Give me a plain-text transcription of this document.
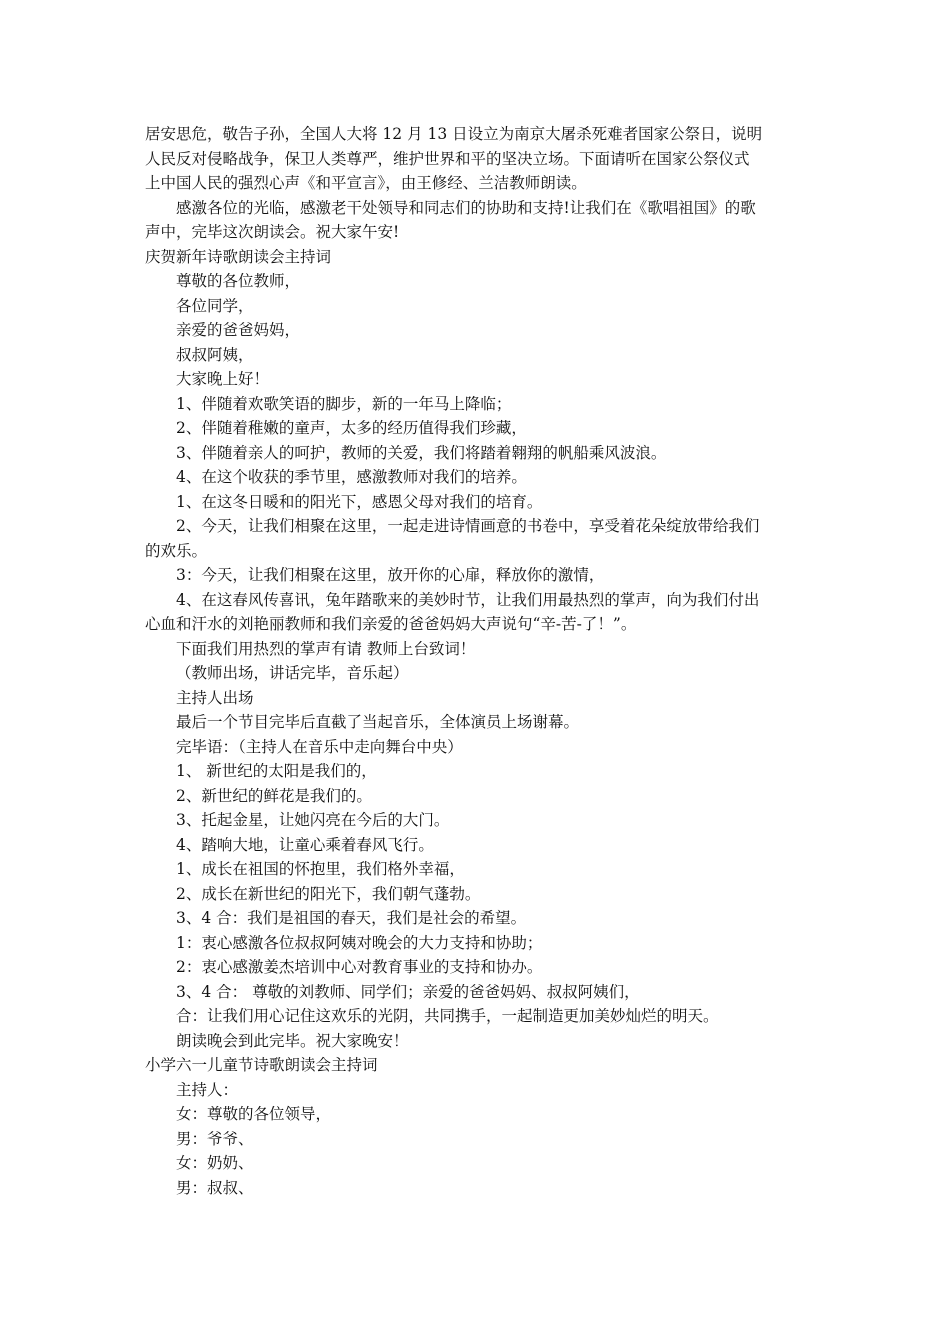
居安思危，敬告子孙，全国人大将 12 月 13 日设立为南京大屠杀死难者国家公祭日，说明

人民反对侵略战争，保卫人类尊严，维护世界和平的坚决立场。下面请听在国家公祭仪式

上中国人民的强烈心声《和平宣言》，由王修经、兰洁教师朗读。

感激各位的光临，感激老干处领导和同志们的协助和支持!让我们在《歌唱祖国》的歌

声中，完毕这次朗读会。祝大家午安!

庆贺新年诗歌朗读会主持词

尊敬的各位教师，

各位同学，

亲爱的爸爸妈妈，

叔叔阿姨，

大家晚上好！

1、伴随着欢歌笑语的脚步，新的一年马上降临；

2、伴随着稚嫩的童声，太多的经历值得我们珍藏，

3、伴随着亲人的呵护，教师的关爱，我们将踏着翱翔的帆船乘风波浪。

4、在这个收获的季节里，感激教师对我们的培养。

1、在这冬日暖和的阳光下，感恩父母对我们的培育。

2、今天，让我们相聚在这里，一起走进诗情画意的书卷中，享受着花朵绽放带给我们

的欢乐。

3：今天，让我们相聚在这里，放开你的心扉，释放你的激情，

4、在这春风传喜讯，兔年踏歌来的美妙时节，让我们用最热烈的掌声，向为我们付出

心血和汗水的刘艳丽教师和我们亲爱的爸爸妈妈大声说句“辛-苦-了！”。

下面我们用热烈的掌声有请 教师上台致词！

（教师出场，讲话完毕，音乐起）

主持人出场

最后一个节目完毕后直截了当起音乐，全体演员上场谢幕。

完毕语：（主持人在音乐中走向舞台中央）

1、 新世纪的太阳是我们的，

2、新世纪的鲜花是我们的。

3、托起金星，让她闪亮在今后的大门。

4、踏响大地，让童心乘着春风飞行。

1、成长在祖国的怀抱里，我们格外幸福，

2、成长在新世纪的阳光下，我们朝气蓬勃。

3、4 合：我们是祖国的春天，我们是社会的希望。

1：衷心感激各位叔叔阿姨对晚会的大力支持和协助；

2：衷心感激姜杰培训中心对教育事业的支持和协办。

3、4 合： 尊敬的刘教师、同学们；亲爱的爸爸妈妈、叔叔阿姨们，

合：让我们用心记住这欢乐的光阴，共同携手，一起制造更加美妙灿烂的明天。

朗读晚会到此完毕。祝大家晚安！

小学六一儿童节诗歌朗读会主持词

主持人：

女：尊敬的各位领导，

男：爷爷、

女：奶奶、

男：叔叔、
